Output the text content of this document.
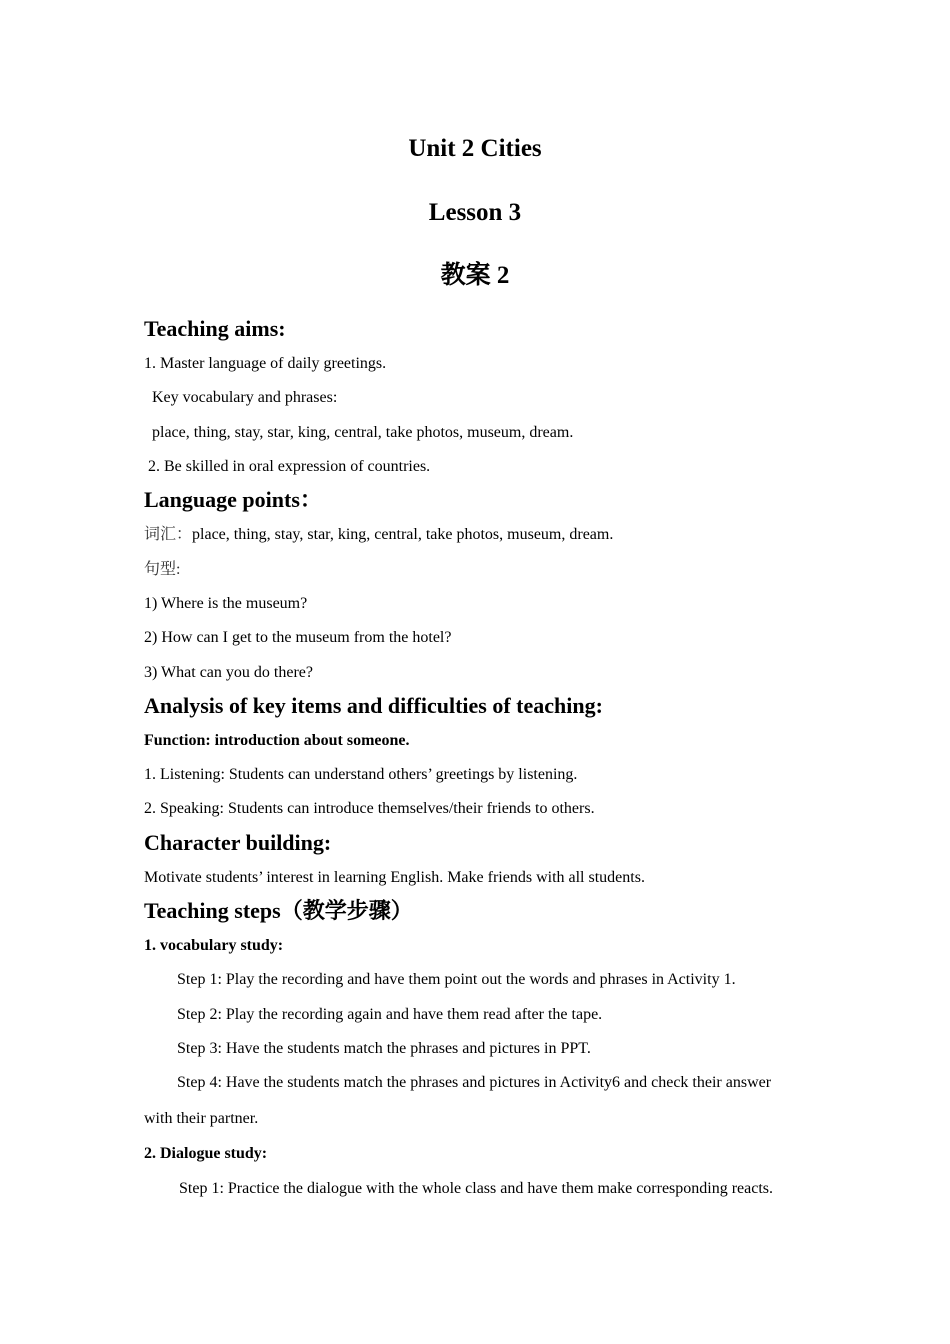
Unit 2 Cities
Lesson 3
教案 2
Teaching aims:

1. Master language of daily greetings.

Key vocabulary and phrases:

place, thing, stay, star, king, central, take photos, museum, dream.

2. Be skilled in oral expression of countries.

Language points：

词汇： place, thing, stay, star, king, central, take photos, museum, dream.

句型:

1) Where is the museum?

2) How can I get to the museum from the hotel?

3) What can you do there?

Analysis of key items and difficulties of teaching:

Function: introduction about someone.

1. Listening: Students can understand others’ greetings by listening.

2. Speaking: Students can introduce themselves/their friends to others.

Character building:

Motivate students’ interest in learning English. Make friends with all students.

Teaching steps（教学步骤）

1. vocabulary study:

Step 1: Play the recording and have them point out the words and phrases in Activity 1.

Step 2: Play the recording again and have them read after the tape.

Step 3: Have the students match the phrases and pictures in PPT.

Step 4: Have the students match the phrases and pictures in Activity6 and check their answer

with their partner.

2. Dialogue study:

Step 1: Practice the dialogue with the whole class and have them make corresponding reacts.
